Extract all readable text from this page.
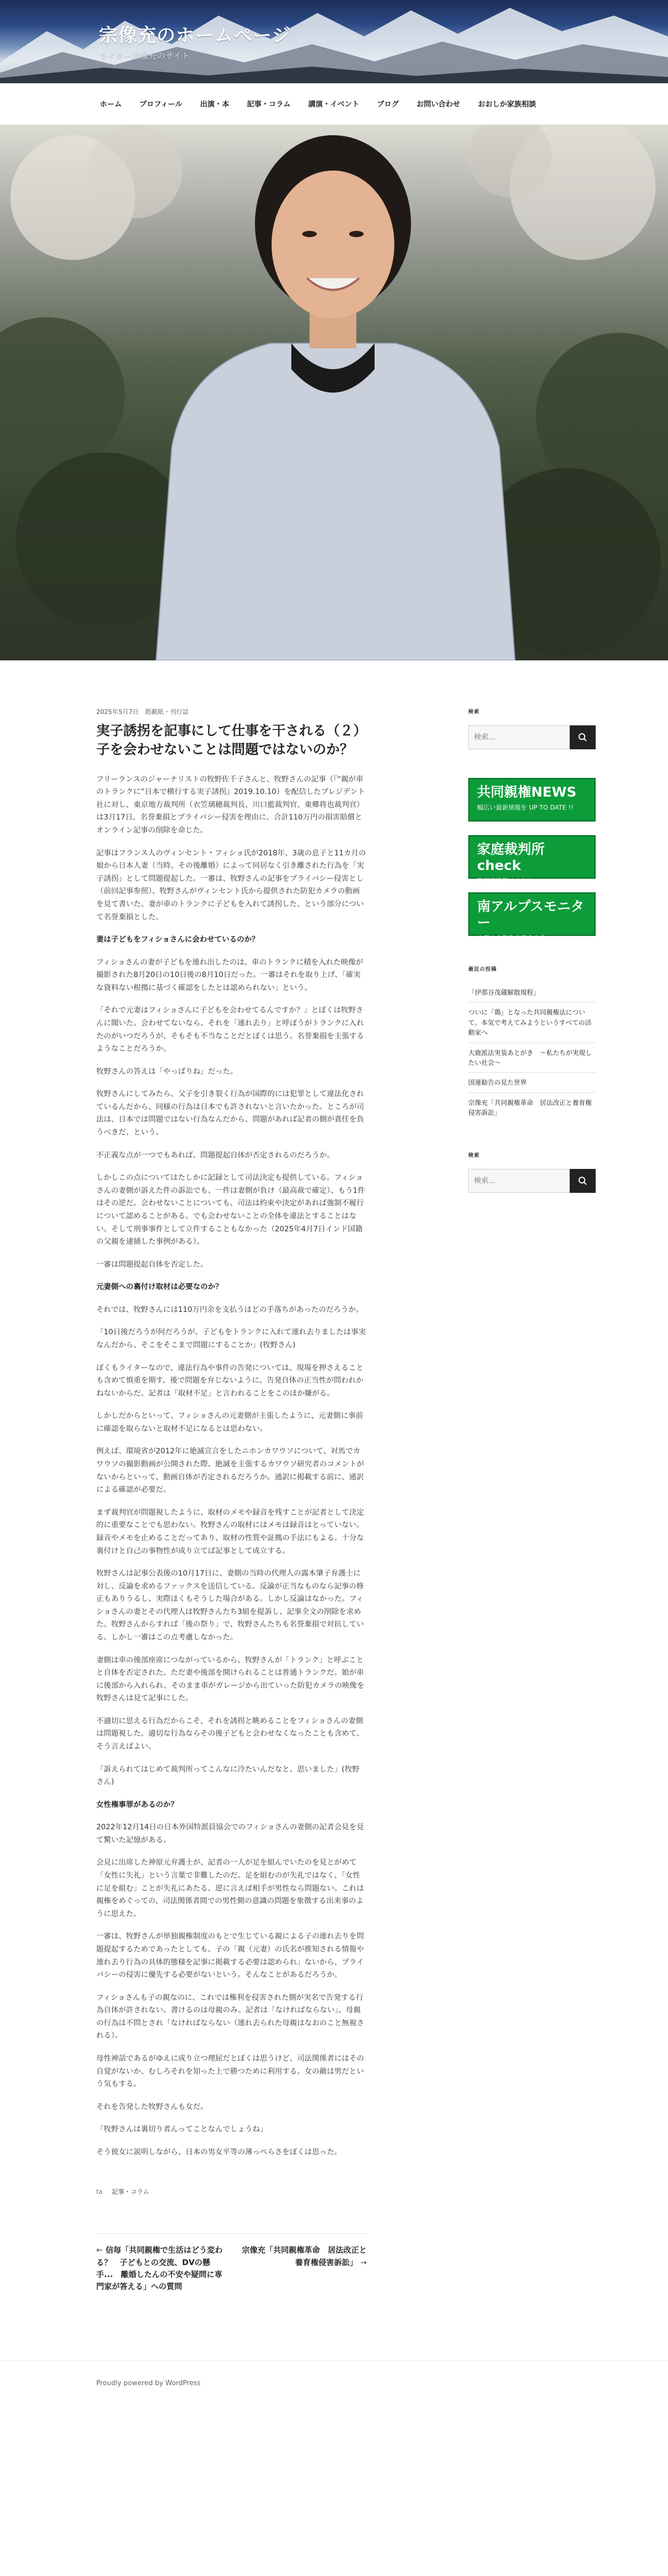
宗像充のホームページ
ライター宗像充のサイト
ホーム	プロフィール	出演・本	記事・コラム	講演・イベント	ブログ	お問い合わせ	おおしか家族相談
2025年5月7日 掲載紙・刊行誌
実子誘拐を記事にして仕事を干される（２）子を会わせないことは問題ではないのか？

フリーランスのジャーナリストの牧野佐千子さんと、牧野さんの記事（『“親が車のトランクに”日本で横行する実子誘拐』2019.10.10）を配信したプレジデント社に対し、東京地方裁判所（衣笠璃穂裁判長、川口藍裁判官、東郷将也裁判官）は3月17日、名誉棄損とプライバシー侵害を理由に、合計110万円の損害賠償とオンライン記事の削除を命じた。

記事はフランス人のヴィンセント・フィショ氏が2018年、3歳の息子と11カ月の娘から日本人妻（当時、その後離婚）によって同居なく引き離された行為を「実子誘拐」として問題提起した。一審は、牧野さんの記事をプライバシー侵害とし（前回記事参照）、牧野さんがヴィンセント氏から提供された防犯カメラの動画を見て書いた、妻が車のトランクに子どもを入れて誘拐した、という部分について名誉棄損とした。

妻は子どもをフィショさんに会わせているのか？

フィショさんの妻が子どもを連れ出したのは、車のトランクに積を入れた映像が撮影された8月20日の10日後の8月10日だった。一審はそれを取り上げ、「確実な資料ない根拠に基づく確認をしたとは認められない」という。

「それで元妻はフィショさんに子どもを会わせてるんですか？」とぼくは牧野さんに聞いた。会わせてないなら、それを「連れ去り」と呼ぼうがトランクに入れたのがいつだろうが、そもそも不当なことだとぼくは思う。名誉棄損を主張するようなことだろうか。

牧野さんの答えは「やっぱりね」だった。

牧野さんにしてみたら、父子を引き裂く行為が国際的には犯罪として違法化されているんだから、同様の行為は日本でも許されないと言いたかった。ところが司法は、日本では問題ではない行為なんだから、問題があれば記者の側が責任を負うべきだ、という。

不正義な点が一つでもあれば、問題提起自体が否定されるのだろうか。

しかしこの点についてはたしかに記録として司法決定も提供している。フィショさんの妻側が訴えた件の訴訟でも、一件は妻側が負け（最高裁で確定）、もう1件はその逆だ。会わせないことについても、司法は約束や決定があれば強制不履行について認めることがある。でも会わせないことの全体を違法とすることはない。そして刑事事件として立件することもなかった（2025年4月7日インド国籍の父親を逮捕した事例がある）。

一審は問題提起自体を否定した。

元妻側への裏付け取材は必要なのか？

それでは、牧野さんには110万円余を支払うほどの手落ちがあったのだろうか。

「10日後だろうが何だろうが、子どもをトランクに入れて連れ去りましたは事実なんだから、そこをそこまで問題にすることか」(牧野さん)

ぼくもライターなので、違法行為や事件の告発については、現場を押さえることも含めて慎重を期す。後で問題を弁じないように、告発自体の正当性が問われかねないからだ。記者は「取材不足」と言われることをこのほか嫌がる。

しかしだからといって、フィショさんの元妻側が主張したように、元妻側に事前に確認を取らないと取材不足になるとは思わない。

例えば、環境省が2012年に絶滅宣言をしたニホンカワウソについて、対馬でカワウソの撮影動画が公開された際、絶滅を主張するカワウソ研究者のコメントがないからといって、動画自体が否定されるだろうか。通訳に掲載する前に、通訳による確認が必要だ。

まず裁判官が問題視したように、取材のメモや録音を残すことが記者として決定的に重要なことでも思わない。牧野さんの取材にはメモは録音はとっていない。録音やメモを止めることだってあり、取材の性質や証拠の手法にもよる。十分な裏付けと自己の事物性が成り立てば記事として成立する。

牧野さんは記事公表後の10月17日に、妻側の当時の代理人の露木肇子弁護士に対し、反論を求めるファックスを送信している。反論が正当なものなら記事の修正もありうるし、実際ほくもそうした場合がある。しかし反論はなかった。フィショさんの妻とその代理人は牧野さんたち3組を提訴し、記事全文の削除を求めた。牧野さんからすれば「後の祭り」で、牧野さんたちも名誉棄損で対抗している。しかし一審はこの点考慮しなかった。

妻側は車の後部座席につながっているから、牧野さんが「トランク」と呼ぶことと自体を否定された。ただ妻や後部を開けられることは普通トランクだ。娘が車に後部から入れられ、そのまま車がガレージから出ていった防犯カメラの映像を牧野さんは見て記事にした。

不適切に思える行為だからこそ、それを誘拐と眺めることをフィショさんの妻側は問題視した。適切な行為ならその後子どもと会わせなくなったことも含めて、そう言えばよい。

「訴えられてはじめて裁判所ってこんなに冷たいんだなと、思いました」(牧野さん)

女性権事罪があるのか？

2022年12月14日の日本外国特派員協会でのフィショさんの妻側の記者会見を見て驚いた記憶がある。

会見に出席した神原元弁護士が、記者の一人が足を組んでいたのを見とがめて「女性に失礼」という言葉で非難したのだ。足を組むのが失礼ではなく、「女性に足を組む」ことが失礼にあたる、逆に言えば相手が男性なら問題ない。これは親権をめぐっての、司法関係者間での男性側の意識の問題を象徴する出来事のように思えた。

一審は、牧野さんが単独親権制度のもとで生じている親による子の連れ去りを問題提起するためであったとしても、子の「親（元妻）の氏名が推知される情報や連れ去り行為の具体的態様を記事に掲載する必要は認められ」ないから、プライバシーの侵害に優先する必要がないという。そんなことがあるだろうか。

フィショさんも子の親なのに、これでは権利を侵害された側が実名で告発する行為自体が許されない。書けるのは母親のみ。記者は「なければならない」、母親の行為は不問とされ「なければならない（連れ去られた母親はなおのこと無視される）。

母性神話であるがゆえに成り立つ理屈だとぼくは思うけど、司法関係者にはその自覚がないか、むしろそれを知った上で勝つために利用する。女の敵は男だという気もする。

それを告発した牧野さんも女だ。

「牧野さんは裏切り者んってことなんでしょうね」

そう彼女に説明しながら、日本の男女平等の薄っぺらさをぼくは思った。

ta 記事・コラム
← 信毎「共同親権で生活はどう変わる？　子どもとの交流、DVの懸手...　離婚したんの不安や疑問に専門家が答える」への質問
宗像充「共同親権革命　居法改正と養育権侵害訴訟」 →
検索
検索...
共同親権NEWS
幅広い最新情報を UP TO DATE !!
家庭裁判所check
裁判官情報はこちら
南アルプスモニター
大鹿の十年先を変える会
最近の投稿
「伊那谷茂蔵解散規程」
ついに「鶏」となった共同親権法について。本気で考えてみようというすべての活動家へ
大鹿派法実装あとがき　〜私たちが実現したい社会〜
国連勧告の見た世界
宗像充「共同親権革命　居法改正と養育権侵害訴訟」
検索
検索...
Proudly powered by WordPress
